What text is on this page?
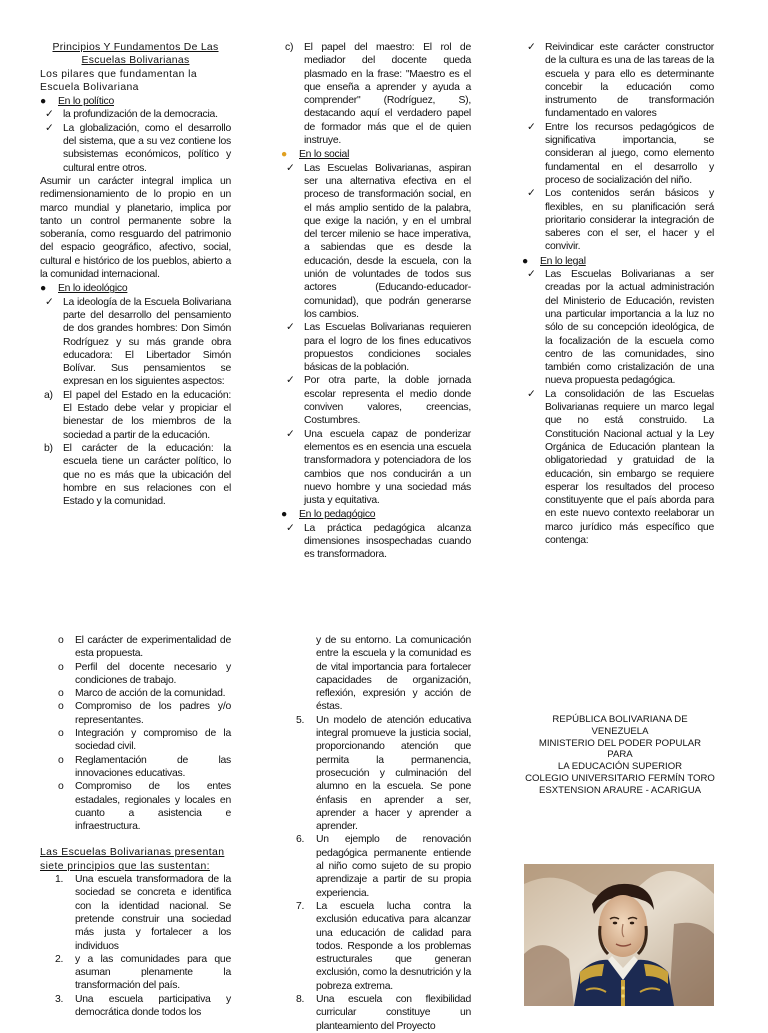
Principios Y Fundamentos De Las

Escuelas Bolivarianas

Los pilares que fundamentan la Escuela Bolivariana

● En lo político

✓ la profundización de la democracia.

✓ La globalización, como el desarrollo del sistema, que a su vez contiene los subsistemas económicos, político y cultural entre otros.

Asumir un carácter integral implica un redimensionamiento de lo propio en un marco mundial y planetario, implica por tanto un control permanente sobre la soberanía, como resguardo del patrimonio del espacio geográfico, afectivo, social, cultural e histórico de los pueblos, abierto a la comunidad internacional.

● En lo ideológico

✓ La ideología de la Escuela Bolivariana parte del desarrollo del pensamiento de dos grandes hombres: Don Simón Rodríguez y su más grande obra educadora: El Libertador Simón Bolívar. Sus pensamientos se expresan en los siguientes aspectos:

a) El papel del Estado en la educación: El Estado debe velar y propiciar el bienestar de los miembros de la sociedad a partir de la educación.

b) El carácter de la educación: la escuela tiene un carácter político, lo que no es más que la ubicación del hombre en sus relaciones con el Estado y la comunidad.

c) El papel del maestro: El rol de mediador del docente queda plasmado en la frase: "Maestro es el que enseña a aprender y ayuda a comprender" (Rodríguez, S), destacando aquí el verdadero papel de formador más que el de quien instruye.

● En lo social

✓ Las Escuelas Bolivarianas, aspiran ser una alternativa efectiva en el proceso de transformación social, en el más amplio sentido de la palabra, que exige la nación, y en el umbral del tercer milenio se hace imperativa, a sabiendas que es desde la educación, desde la escuela, con la unión de voluntades de todos sus actores (Educando-educador-comunidad), que podrán generarse los cambios.

✓ Las Escuelas Bolivarianas requieren para el logro de los fines educativos propuestos condiciones sociales básicas de la población.

✓ Por otra parte, la doble jornada escolar representa el medio donde conviven valores, creencias, Costumbres.

✓ Una escuela capaz de ponderizar elementos es en esencia una escuela transformadora y potenciadora de los cambios que nos conducirán a un nuevo hombre y una sociedad más justa y equitativa.

● En lo pedagógico

✓ La práctica pedagógica alcanza dimensiones insospechadas cuando es transformadora.

✓ Reivindicar este carácter constructor de la cultura es una de las tareas de la escuela y para ello es determinante concebir la educación como instrumento de transformación fundamentado en valores

✓ Entre los recursos pedagógicos de significativa importancia, se consideran al juego, como elemento fundamental en el desarrollo y proceso de socialización del niño.

✓ Los contenidos serán básicos y flexibles, en su planificación será prioritario considerar la integración de saberes con el ser, el hacer y el convivir.

● En lo legal

✓ Las Escuelas Bolivarianas a ser creadas por la actual administración del Ministerio de Educación, revisten una particular importancia a la luz no sólo de su concepción ideológica, de la focalización de la escuela como centro de las comunidades, sino también como cristalización de una nueva propuesta pedagógica.

✓ La consolidación de las Escuelas Bolivarianas requiere un marco legal que no está construido. La Constitución Nacional actual y la Ley Orgánica de Educación plantean la obligatoriedad y gratuidad de la educación, sin embargo se requiere esperar los resultados del proceso constituyente que el país aborda para en este nuevo contexto reelaborar un marco jurídico más específico que contenga:

o El carácter de experimentalidad de esta propuesta.

o Perfil del docente necesario y condiciones de trabajo.

o Marco de acción de la comunidad.

o Compromiso de los padres y/o representantes.

o Integración y compromiso de la sociedad civil.

o Reglamentación de las innovaciones educativas.

o Compromiso de los entes estadales, regionales y locales en cuanto a asistencia e infraestructura.

Las Escuelas Bolivarianas presentan

siete principios que las sustentan:

1. Una escuela transformadora de la sociedad se concreta e identifica con la identidad nacional. Se pretende construir una sociedad más justa y fortalecer a los individuos

2. y a las comunidades para que asuman plenamente la transformación del país.

3. Una escuela participativa y democrática donde todos los

y de su entorno. La comunicación entre la escuela y la comunidad es de vital importancia para fortalecer capacidades de organización, reflexión, expresión y acción de éstas.

5. Un modelo de atención educativa integral promueve la justicia social, proporcionando atención que permita la permanencia, prosecución y culminación del alumno en la escuela. Se pone énfasis en aprender a ser, aprender a hacer y aprender a aprender.

6. Un ejemplo de renovación pedagógica permanente entiende al niño como sujeto de su propio aprendizaje a partir de su propia experiencia.

7. La escuela lucha contra la exclusión educativa para alcanzar una educación de calidad para todos. Responde a los problemas estructurales que generan exclusión, como la desnutrición y la pobreza extrema.

8. Una escuela con flexibilidad curricular constituye un planteamiento del Proyecto

REPÚBLICA BOLIVARIANA DE VENEZUELA
MINISTERIO DEL PODER POPULAR PARA
LA EDUCACIÓN SUPERIOR
COLEGIO UNIVERSITARIO FERMÍN TORO
ESXTENSION ARAURE - ACARIGUA
